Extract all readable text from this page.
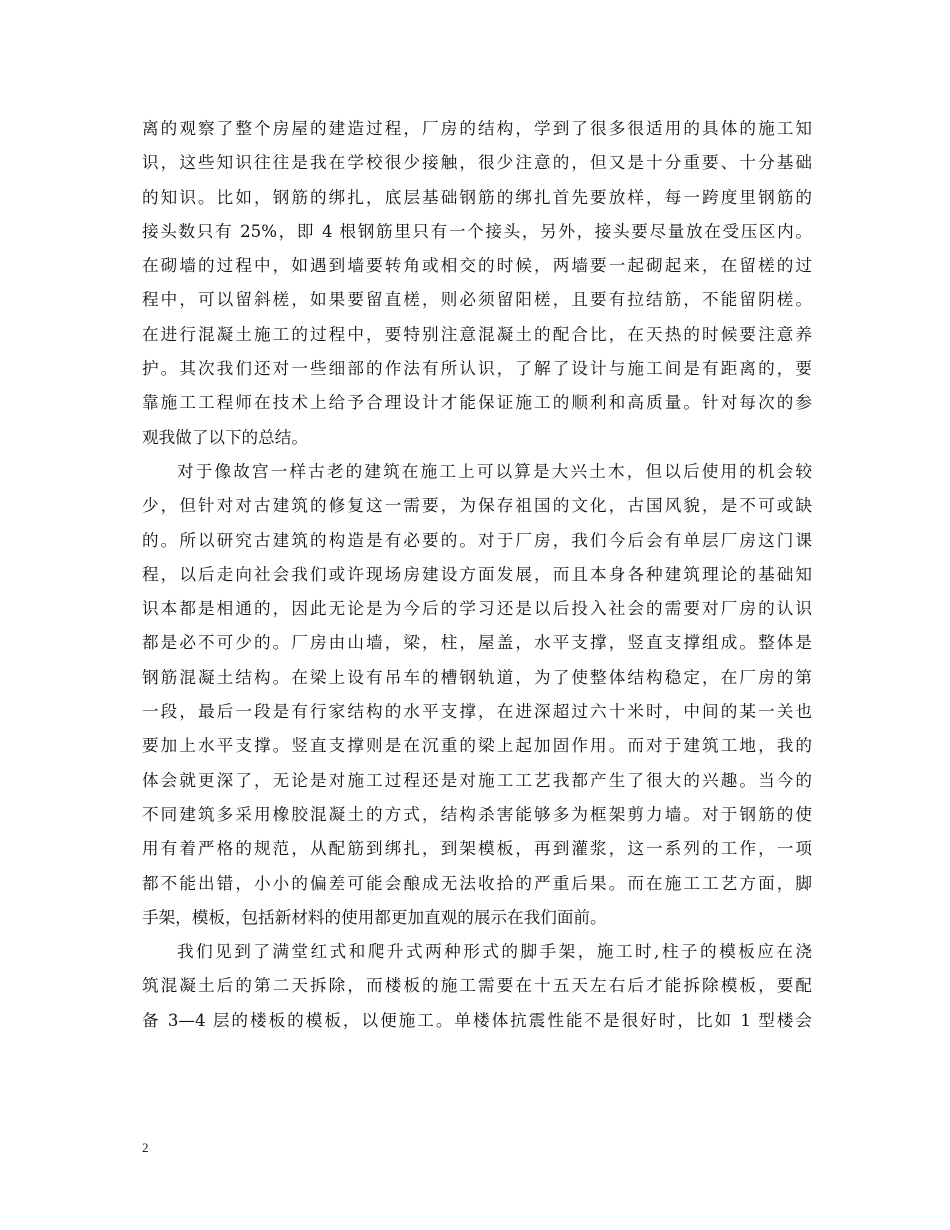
离的观察了整个房屋的建造过程，厂房的结构，学到了很多很适用的具体的施工知
识，这些知识往往是我在学校很少接触，很少注意的，但又是十分重要、十分基础
的知识。比如，钢筋的绑扎，底层基础钢筋的绑扎首先要放样，每一跨度里钢筋的
接头数只有 25%，即 4 根钢筋里只有一个接头，另外，接头要尽量放在受压区内。
在砌墙的过程中，如遇到墙要转角或相交的时候，两墙要一起砌起来，在留槎的过
程中，可以留斜槎，如果要留直槎，则必须留阳槎，且要有拉结筋，不能留阴槎。
在进行混凝土施工的过程中，要特别注意混凝土的配合比，在天热的时候要注意养
护。其次我们还对一些细部的作法有所认识，了解了设计与施工间是有距离的，要
靠施工工程师在技术上给予合理设计才能保证施工的顺利和高质量。针对每次的参
观我做了以下的总结。
对于像故宫一样古老的建筑在施工上可以算是大兴土木，但以后使用的机会较
少，但针对对古建筑的修复这一需要，为保存祖国的文化，古国风貌，是不可或缺
的。所以研究古建筑的构造是有必要的。对于厂房，我们今后会有单层厂房这门课
程，以后走向社会我们或许现场房建设方面发展，而且本身各种建筑理论的基础知
识本都是相通的，因此无论是为今后的学习还是以后投入社会的需要对厂房的认识
都是必不可少的。厂房由山墙，梁，柱，屋盖，水平支撑，竖直支撑组成。整体是
钢筋混凝土结构。在梁上设有吊车的槽钢轨道，为了使整体结构稳定，在厂房的第
一段，最后一段是有行家结构的水平支撑，在进深超过六十米时，中间的某一关也
要加上水平支撑。竖直支撑则是在沉重的梁上起加固作用。而对于建筑工地，我的
体会就更深了，无论是对施工过程还是对施工工艺我都产生了很大的兴趣。当今的
不同建筑多采用橡胶混凝土的方式，结构杀害能够多为框架剪力墙。对于钢筋的使
用有着严格的规范，从配筋到绑扎，到架模板，再到灌浆，这一系列的工作，一项
都不能出错，小小的偏差可能会酿成无法收拾的严重后果。而在施工工艺方面，脚
手架，模板，包括新材料的使用都更加直观的展示在我们面前。
我们见到了满堂红式和爬升式两种形式的脚手架，施工时,柱子的模板应在浇
筑混凝土后的第二天拆除，而楼板的施工需要在十五天左右后才能拆除模板，要配
备 3—4 层的楼板的模板，以便施工。单楼体抗震性能不是很好时，比如 1 型楼会
2
